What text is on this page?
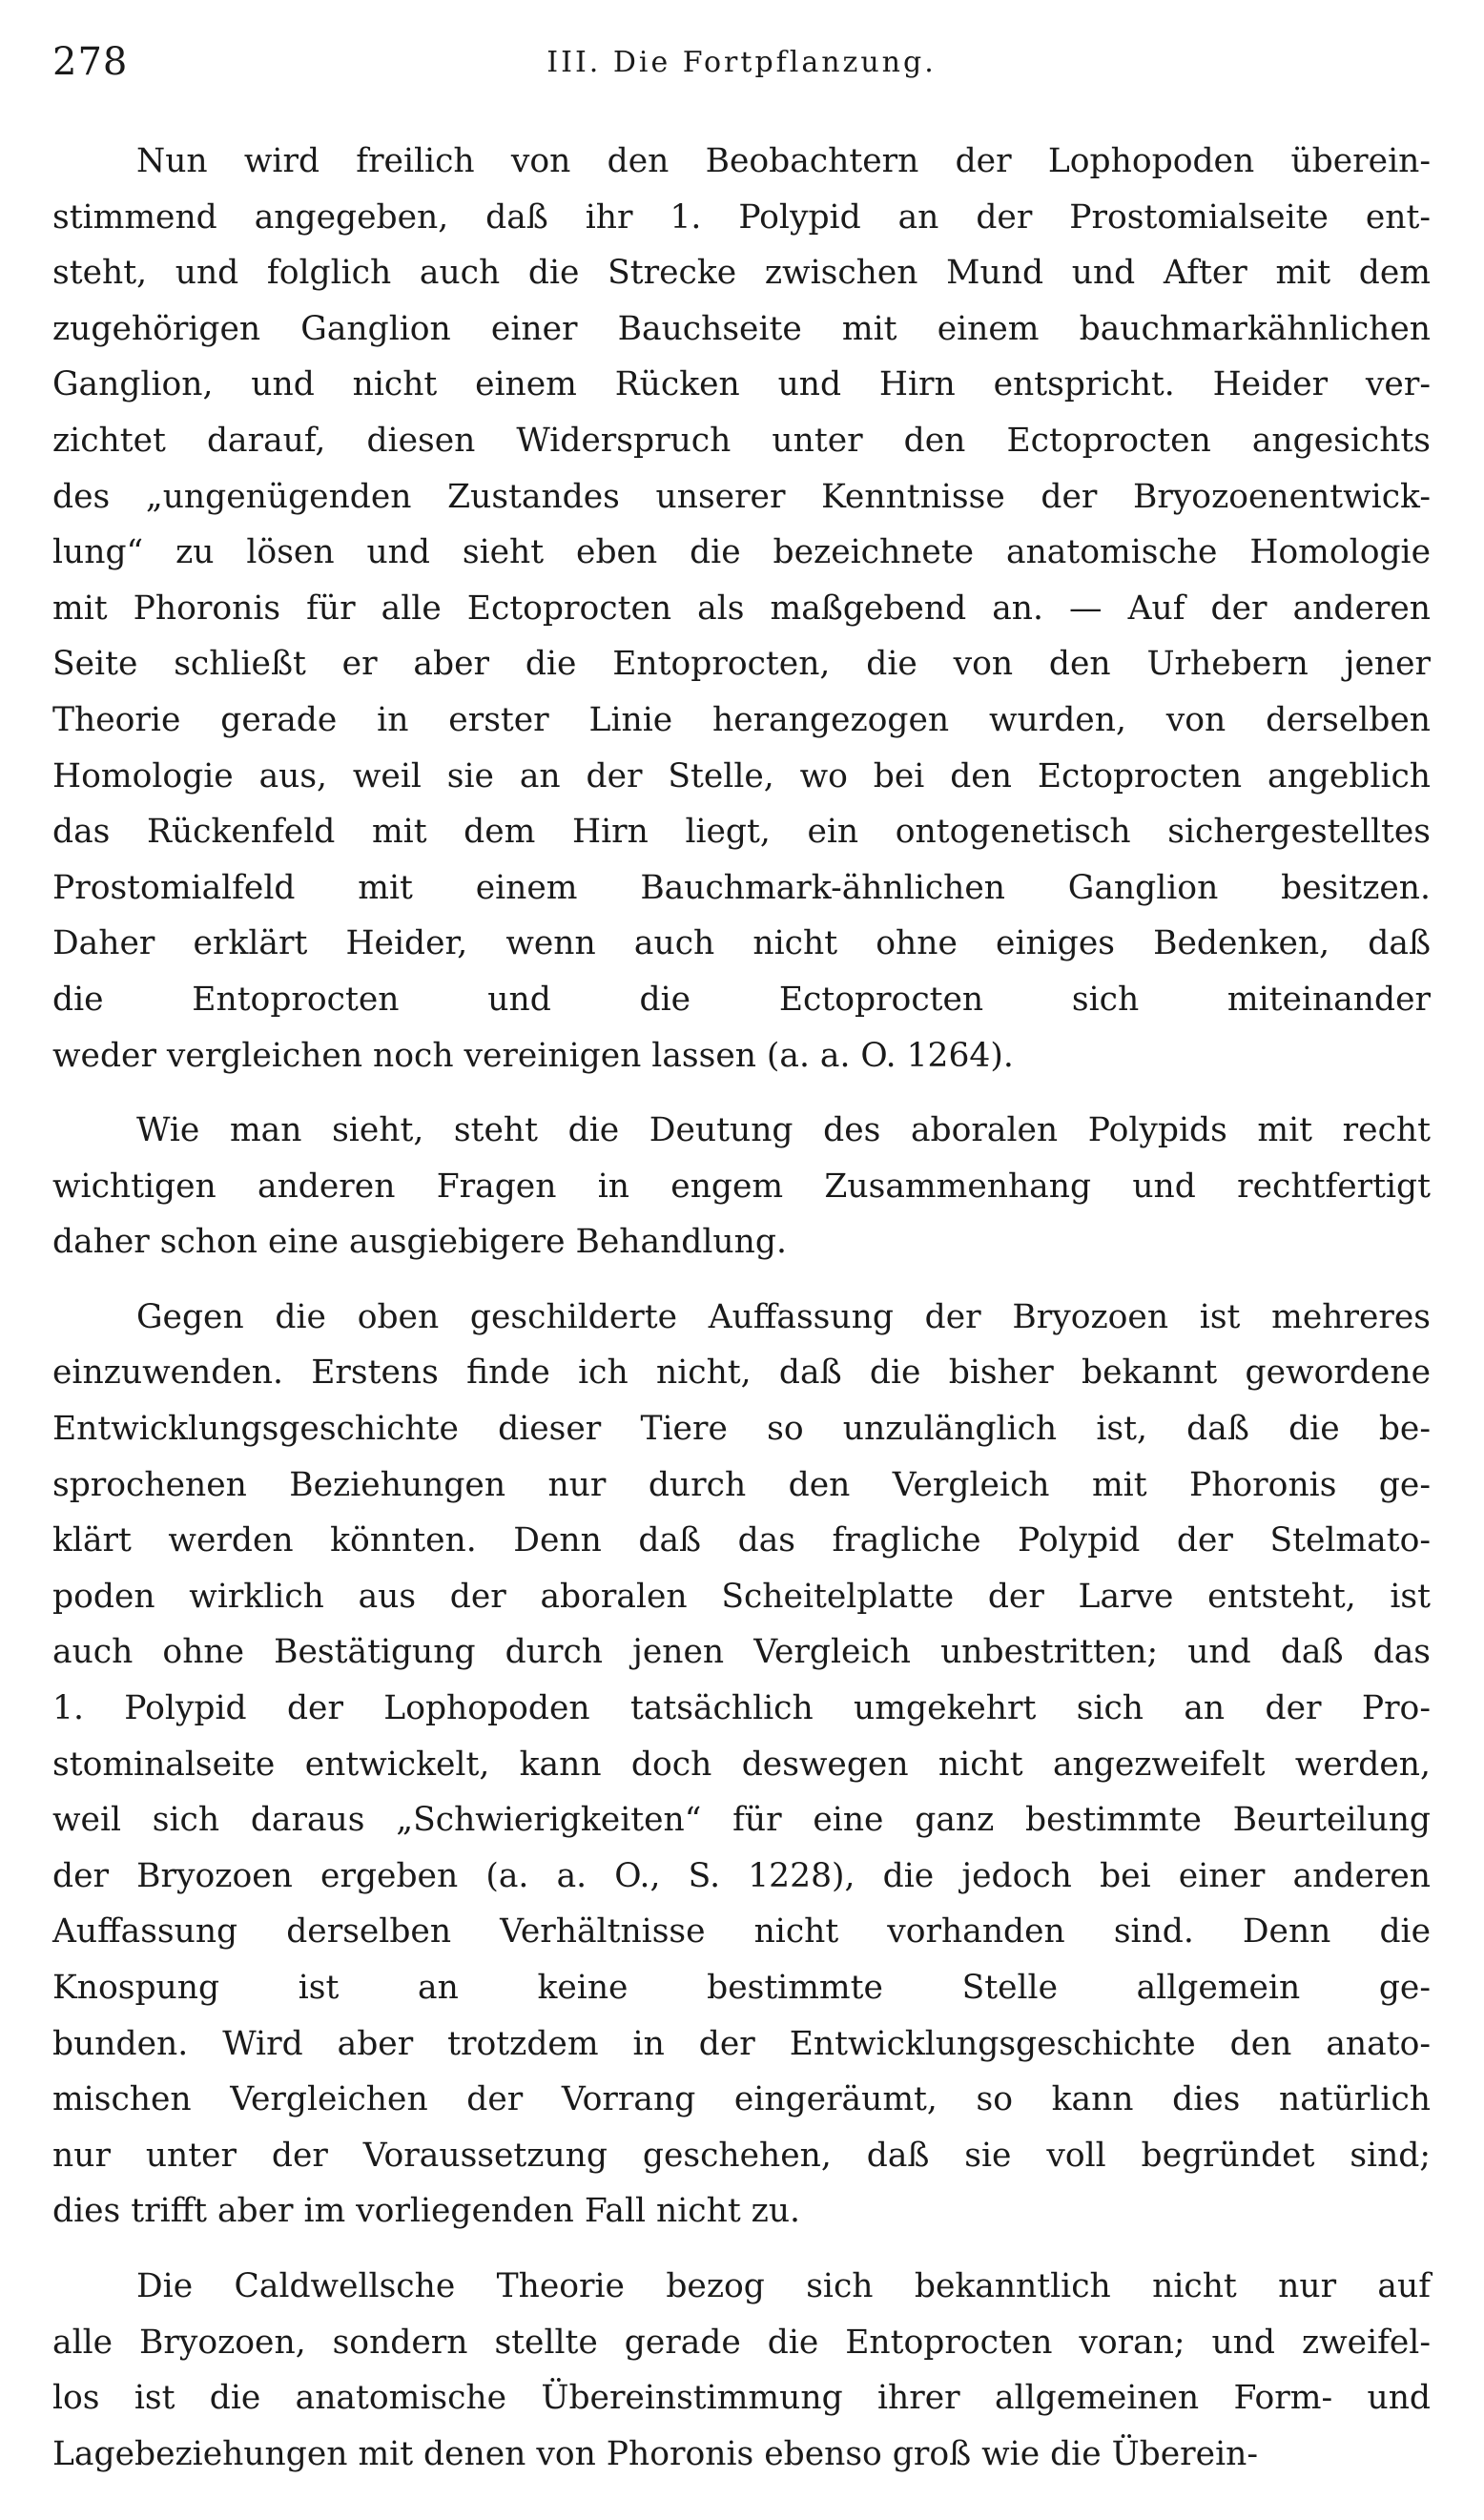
278	III. Die Fortpflanzung.
Nun wird freilich von den Beobachtern der Lophopoden überein-
stimmend angegeben, daß ihr 1. Polypid an der Prostomialseite ent-
steht, und folglich auch die Strecke zwischen Mund und After mit dem
zugehörigen Ganglion einer Bauchseite mit einem bauchmarkähnlichen
Ganglion, und nicht einem Rücken und Hirn entspricht. Heider ver-
zichtet darauf, diesen Widerspruch unter den Ectoprocten angesichts
des „ungenügenden Zustandes unserer Kenntnisse der Bryozoenentwick-
lung“ zu lösen und sieht eben die bezeichnete anatomische Homologie
mit Phoronis für alle Ectoprocten als maßgebend an. — Auf der anderen
Seite schließt er aber die Entoprocten, die von den Urhebern jener
Theorie gerade in erster Linie herangezogen wurden, von derselben
Homologie aus, weil sie an der Stelle, wo bei den Ectoprocten angeblich
das Rückenfeld mit dem Hirn liegt, ein ontogenetisch sichergestelltes
Prostomialfeld mit einem Bauchmark-ähnlichen Ganglion besitzen.
Daher erklärt Heider, wenn auch nicht ohne einiges Bedenken, daß
die Entoprocten und die Ectoprocten sich miteinander
weder vergleichen noch vereinigen lassen (a. a. O. 1264).
Wie man sieht, steht die Deutung des aboralen Polypids mit recht
wichtigen anderen Fragen in engem Zusammenhang und rechtfertigt
daher schon eine ausgiebigere Behandlung.
Gegen die oben geschilderte Auffassung der Bryozoen ist mehreres
einzuwenden. Erstens finde ich nicht, daß die bisher bekannt gewordene
Entwicklungsgeschichte dieser Tiere so unzulänglich ist, daß die be-
sprochenen Beziehungen nur durch den Vergleich mit Phoronis ge-
klärt werden könnten. Denn daß das fragliche Polypid der Stelmato-
poden wirklich aus der aboralen Scheitelplatte der Larve entsteht, ist
auch ohne Bestätigung durch jenen Vergleich unbestritten; und daß das
1. Polypid der Lophopoden tatsächlich umgekehrt sich an der Pro-
stominalseite entwickelt, kann doch deswegen nicht angezweifelt werden,
weil sich daraus „Schwierigkeiten“ für eine ganz bestimmte Beurteilung
der Bryozoen ergeben (a. a. O., S. 1228), die jedoch bei einer anderen
Auffassung derselben Verhältnisse nicht vorhanden sind. Denn die
Knospung ist an keine bestimmte Stelle allgemein ge-
bunden. Wird aber trotzdem in der Entwicklungsgeschichte den anato-
mischen Vergleichen der Vorrang eingeräumt, so kann dies natürlich
nur unter der Voraussetzung geschehen, daß sie voll begründet sind;
dies trifft aber im vorliegenden Fall nicht zu.
Die Caldwellsche Theorie bezog sich bekanntlich nicht nur auf
alle Bryozoen, sondern stellte gerade die Entoprocten voran; und zweifel-
los ist die anatomische Übereinstimmung ihrer allgemeinen Form- und
Lagebeziehungen mit denen von Phoronis ebenso groß wie die Überein-
